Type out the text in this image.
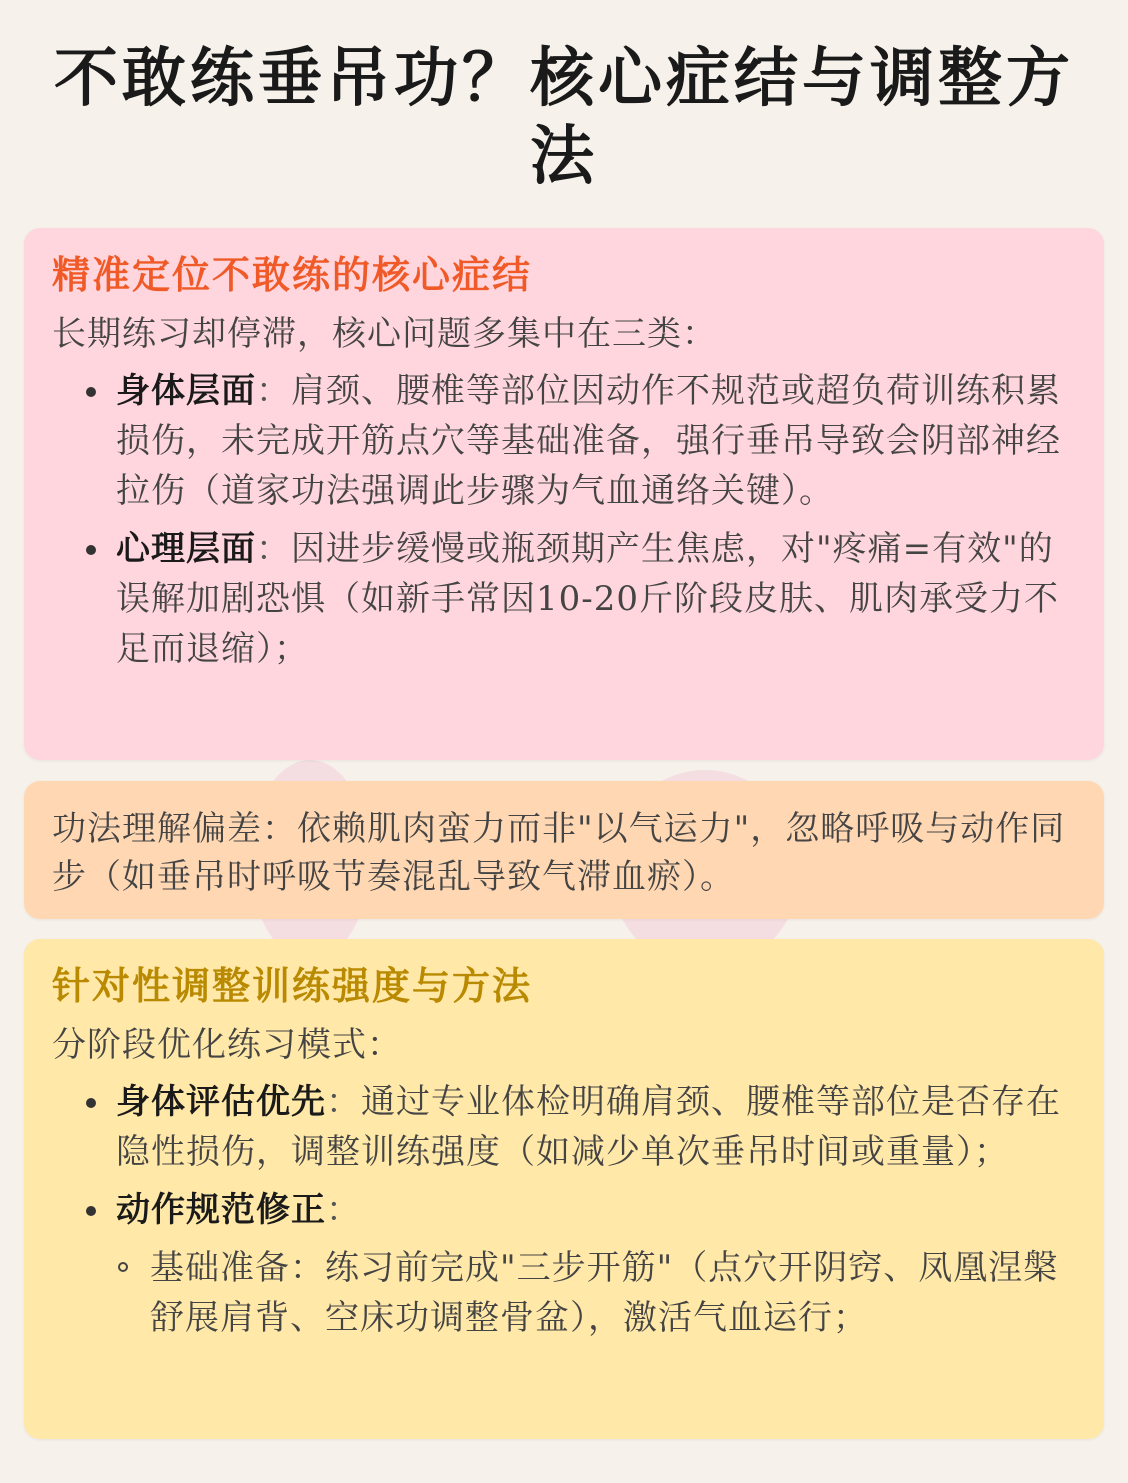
不敢练垂吊功？核心症结与调整方法
精准定位不敢练的核心症结

长期练习却停滞，核心问题多集中在三类：

身体层面：肩颈、腰椎等部位因动作不规范或超负荷训练积累损伤，未完成开筋点穴等基础准备，强行垂吊导致会阴部神经拉伤（道家功法强调此步骤为气血通络关键）。
心理层面：因进步缓慢或瓶颈期产生焦虑，对"疼痛=有效"的误解加剧恐惧（如新手常因10-20斤阶段皮肤、肌肉承受力不足而退缩）；

功法理解偏差：依赖肌肉蛮力而非"以气运力"，忽略呼吸与动作同步（如垂吊时呼吸节奏混乱导致气滞血瘀）。

针对性调整训练强度与方法

分阶段优化练习模式：

身体评估优先：通过专业体检明确肩颈、腰椎等部位是否存在隐性损伤，调整训练强度（如减少单次垂吊时间或重量）；
动作规范修正：
基础准备：练习前完成"三步开筋"（点穴开阴窍、凤凰涅槃舒展肩背、空床功调整骨盆），激活气血运行；
